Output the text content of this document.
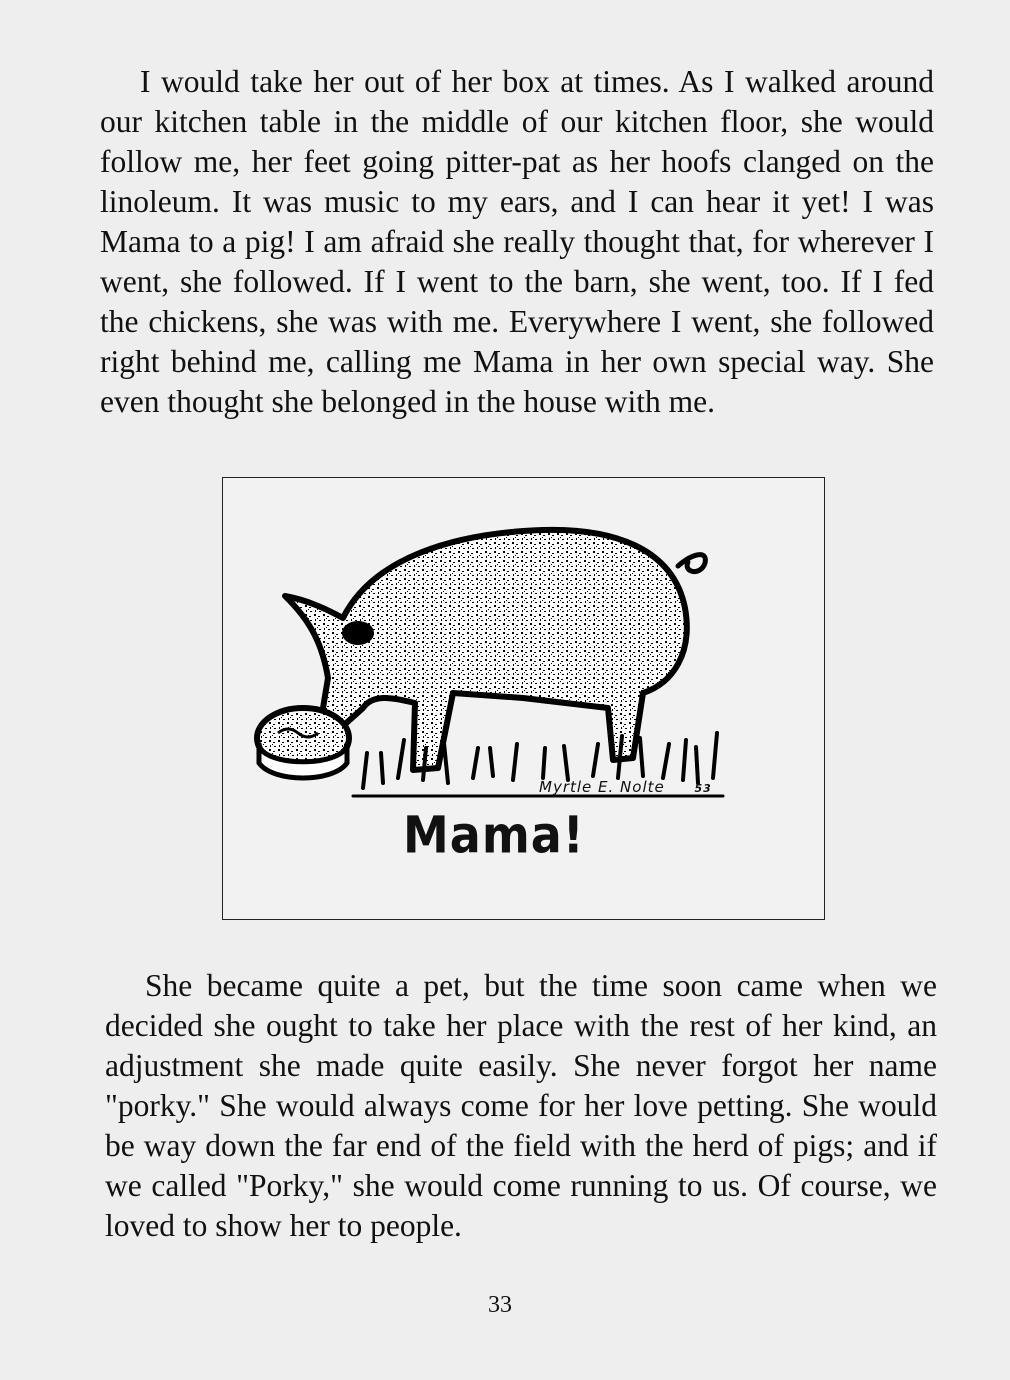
I would take her out of her box at times. As I walked around our kitchen table in the middle of our kitchen floor, she would follow me, her feet going pitter-pat as her hoofs clanged on the linoleum. It was music to my ears, and I can hear it yet! I was Mama to a pig! I am afraid she really thought that, for wherever I went, she followed. If I went to the barn, she went, too. If I fed the chickens, she was with me. Everywhere I went, she followed right behind me, calling me Mama in her own special way. She even thought she belonged in the house with me.

Myrtle E. Nolte	53
Mama!

She became quite a pet, but the time soon came when we decided she ought to take her place with the rest of her kind, an adjustment she made quite easily. She never forgot her name "porky." She would always come for her love petting. She would be way down the far end of the field with the herd of pigs; and if we called "Porky," she would come running to us. Of course, we loved to show her to people.

33
